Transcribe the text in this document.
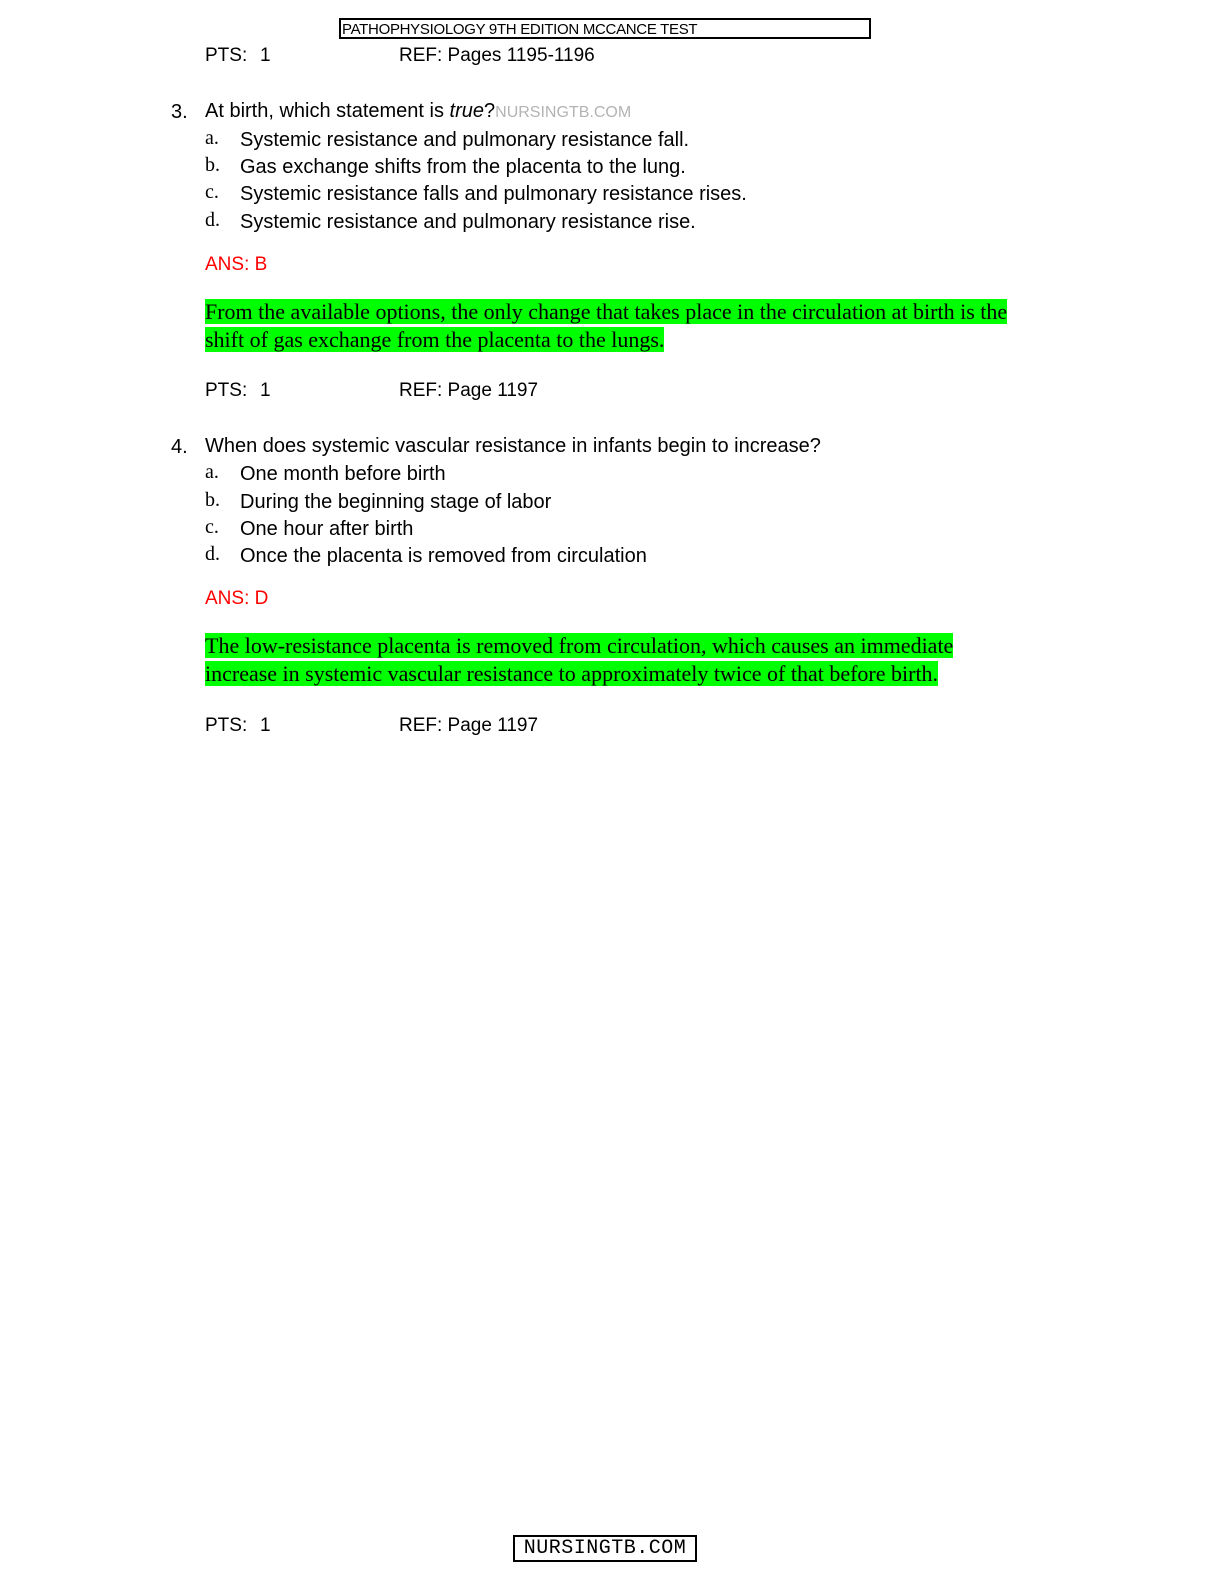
PATHOPHYSIOLOGY 9TH EDITION MCCANCE TEST
PTS: 1	REF: Pages 1195-1196
3. At birth, which statement is true?NURSINGTB.COM
a. Systemic resistance and pulmonary resistance fall.
b. Gas exchange shifts from the placenta to the lung.
c. Systemic resistance falls and pulmonary resistance rises.
d. Systemic resistance and pulmonary resistance rise.
ANS: B
From the available options, the only change that takes place in the circulation at birth is the
shift of gas exchange from the placenta to the lungs.
PTS: 1	REF: Page 1197
4. When does systemic vascular resistance in infants begin to increase?
a. One month before birth
b. During the beginning stage of labor
c. One hour after birth
d. Once the placenta is removed from circulation
ANS: D
The low-resistance placenta is removed from circulation, which causes an immediate
increase in systemic vascular resistance to approximately twice of that before birth.
PTS: 1	REF: Page 1197
NURSINGTB.COM
